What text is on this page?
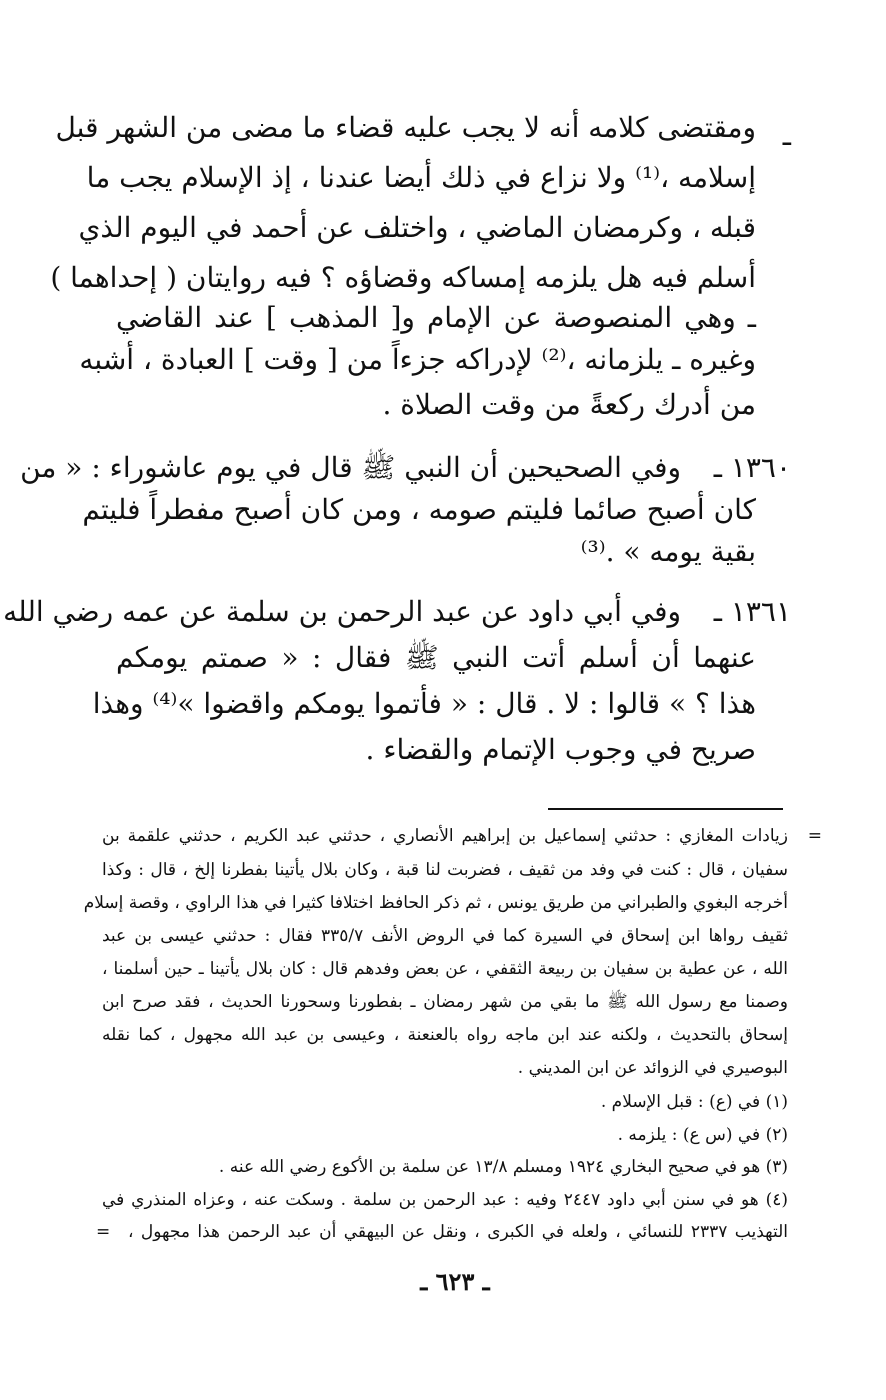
ـ
ومقتضى كلامه أنه لا يجب عليه قضاء ما مضى من الشهر قبل
إسلامه ،⁽¹⁾ ولا نزاع في ذلك أيضا عندنا ، إذ الإسلام يجب ما
قبله ، وكرمضان الماضي ، واختلف عن أحمد في اليوم الذي
أسلم فيه هل يلزمه إمساكه وقضاؤه ؟ فيه روايتان ( إحداهما )
ـ وهي المنصوصة عن الإمام و[ المذهب ] عند القاضي
وغيره ـ يلزمانه ،⁽²⁾ لإدراكه جزءاً من [ وقت ] العبادة ، أشبه
من أدرك ركعةً من وقت الصلاة .
١٣٦٠ ـ
وفي الصحيحين أن النبي ﷺ قال في يوم عاشوراء : « من
كان أصبح صائما فليتم صومه ، ومن كان أصبح مفطراً فليتم
بقية يومه » .⁽³⁾
١٣٦١ ـ
وفي أبي داود عن عبد الرحمن بن سلمة عن عمه رضي الله
عنهما أن أسلم أتت النبي ﷺ فقال : « صمتم يومكم
هذا ؟ » قالوا : لا . قال : « فأتموا يومكم واقضوا »⁽⁴⁾ وهذا
صريح في وجوب الإتمام والقضاء .
=
زيادات المغازي : حدثني إسماعيل بن إبراهيم الأنصاري ، حدثني عبد الكريم ، حدثني علقمة بن
سفيان ، قال : كنت في وفد من ثقيف ، فضربت لنا قبة ، وكان بلال يأتينا بفطرنا إلخ ، قال : وكذا
أخرجه البغوي والطبراني من طريق يونس ، ثم ذكر الحافظ اختلافا كثيرا في هذا الراوي ، وقصة إسلام
ثقيف رواها ابن إسحاق في السيرة كما في الروض الأنف ٣٣٥/٧ فقال : حدثني عيسى بن عبد
الله ، عن عطية بن سفيان بن ربيعة الثقفي ، عن بعض وفدهم قال : كان بلال يأتينا ـ حين أسلمنا ،
وصمنا مع رسول الله ﷺ ما بقي من شهر رمضان ـ بفطورنا وسحورنا الحديث ، فقد صرح ابن
إسحاق بالتحديث ، ولكنه عند ابن ماجه رواه بالعنعنة ، وعيسى بن عبد الله مجهول ، كما نقله
البوصيري في الزوائد عن ابن المديني .
(١) في (ع) : قبل الإسلام .
(٢) في (س ع) : يلزمه .
(٣) هو في صحيح البخاري ١٩٢٤ ومسلم ١٣/٨ عن سلمة بن الأكوع رضي الله عنه .
(٤) هو في سنن أبي داود ٢٤٤٧ وفيه : عبد الرحمن بن سلمة . وسكت عنه ، وعزاه المنذري في
التهذيب ٢٣٣٧ للنسائي ، ولعله في الكبرى ، ونقل عن البيهقي أن عبد الرحمن هذا مجهول ،
=
ـ ٦٢٣ ـ
